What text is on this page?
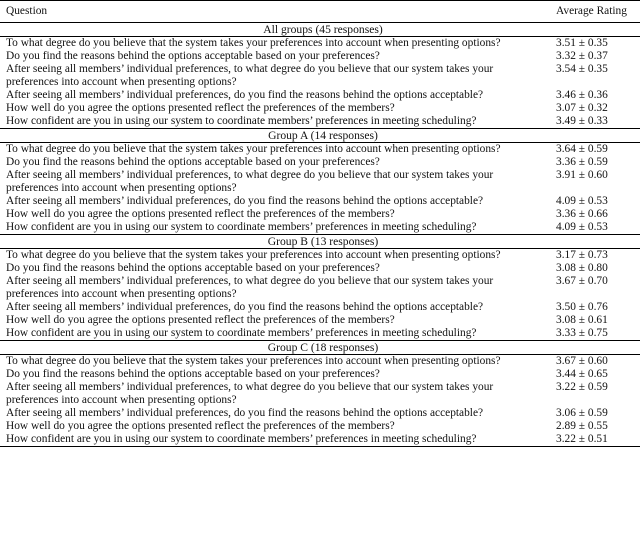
Question	Average Rating
All groups (45 responses)	
To what degree do you believe that the system takes your preferences into account when presenting options?	3.51 ± 0.35
Do you find the reasons behind the options acceptable based on your preferences?	3.32 ± 0.37
After seeing all members’ individual preferences, to what degree do you believe that our system takes your preferences into account when presenting options?	3.54 ± 0.35
After seeing all members’ individual preferences, do you find the reasons behind the options acceptable?	3.46 ± 0.36
How well do you agree the options presented reflect the preferences of the members?	3.07 ± 0.32
How confident are you in using our system to coordinate members’ preferences in meeting scheduling?	3.49 ± 0.33
Group A (14 responses)	
To what degree do you believe that the system takes your preferences into account when presenting options?	3.64 ± 0.59
Do you find the reasons behind the options acceptable based on your preferences?	3.36 ± 0.59
After seeing all members’ individual preferences, to what degree do you believe that our system takes your preferences into account when presenting options?	3.91 ± 0.60
After seeing all members’ individual preferences, do you find the reasons behind the options acceptable?	4.09 ± 0.53
How well do you agree the options presented reflect the preferences of the members?	3.36 ± 0.66
How confident are you in using our system to coordinate members’ preferences in meeting scheduling?	4.09 ± 0.53
Group B (13 responses)	
To what degree do you believe that the system takes your preferences into account when presenting options?	3.17 ± 0.73
Do you find the reasons behind the options acceptable based on your preferences?	3.08 ± 0.80
After seeing all members’ individual preferences, to what degree do you believe that our system takes your preferences into account when presenting options?	3.67 ± 0.70
After seeing all members’ individual preferences, do you find the reasons behind the options acceptable?	3.50 ± 0.76
How well do you agree the options presented reflect the preferences of the members?	3.08 ± 0.61
How confident are you in using our system to coordinate members’ preferences in meeting scheduling?	3.33 ± 0.75
Group C (18 responses)	
To what degree do you believe that the system takes your preferences into account when presenting options?	3.67 ± 0.60
Do you find the reasons behind the options acceptable based on your preferences?	3.44 ± 0.65
After seeing all members’ individual preferences, to what degree do you believe that our system takes your preferences into account when presenting options?	3.22 ± 0.59
After seeing all members’ individual preferences, do you find the reasons behind the options acceptable?	3.06 ± 0.59
How well do you agree the options presented reflect the preferences of the members?	2.89 ± 0.55
How confident are you in using our system to coordinate members’ preferences in meeting scheduling?	3.22 ± 0.51
